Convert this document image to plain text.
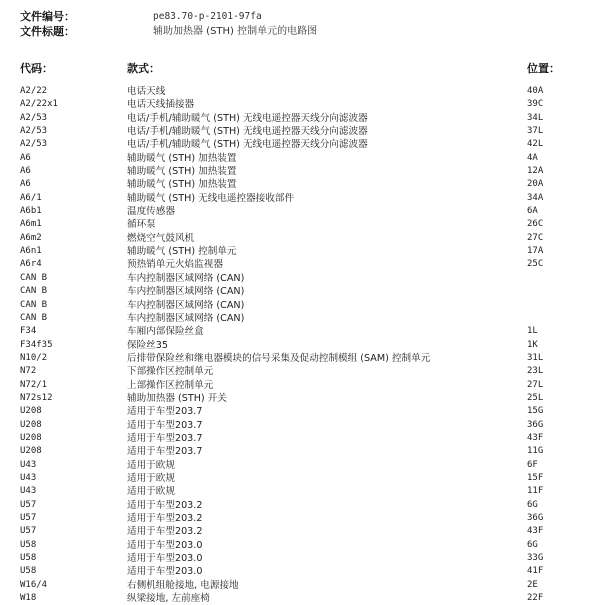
文件编号：	pe83.70-p-2101-97fa
文件标题：	辅助加热器 (STH) 控制单元的电路图
代码：	款式：	位置：
A2/22	电话天线	40A
A2/22x1	电话天线插接器	39C
A2/53	电话/手机/辅助暖气 (STH) 无线电遥控器天线分向滤波器	34L
A2/53	电话/手机/辅助暖气 (STH) 无线电遥控器天线分向滤波器	37L
A2/53	电话/手机/辅助暖气 (STH) 无线电遥控器天线分向滤波器	42L
A6	辅助暖气 (STH) 加热装置	4A
A6	辅助暖气 (STH) 加热装置	12A
A6	辅助暖气 (STH) 加热装置	20A
A6/1	辅助暖气 (STH) 无线电遥控器接收部件	34A
A6b1	温度传感器	6A
A6m1	循环泵	26C
A6m2	燃烧空气鼓风机	27C
A6n1	辅助暖气 (STH) 控制单元	17A
A6r4	预热销单元火焰监视器	25C
CAN B	车内控制器区域网络 (CAN)
CAN B	车内控制器区域网络 (CAN)
CAN B	车内控制器区域网络 (CAN)
CAN B	车内控制器区域网络 (CAN)
F34	车厢内部保险丝盒	1L
F34f35	保险丝35	1K
N10/2	后排带保险丝和继电器模块的信号采集及促动控制模组 (SAM) 控制单元	31L
N72	下部操作区控制单元	23L
N72/1	上部操作区控制单元	27L
N72s12	辅助加热器 (STH) 开关	25L
U208	适用于车型203.7	15G
U208	适用于车型203.7	36G
U208	适用于车型203.7	43F
U208	适用于车型203.7	11G
U43	适用于欧规	6F
U43	适用于欧规	15F
U43	适用于欧规	11F
U57	适用于车型203.2	6G
U57	适用于车型203.2	36G
U57	适用于车型203.2	43F
U58	适用于车型203.0	6G
U58	适用于车型203.0	33G
U58	适用于车型203.0	41F
W16/4	右侧机组舱接地, 电源接地	2E
W18	纵梁接地, 左前座椅	22F
